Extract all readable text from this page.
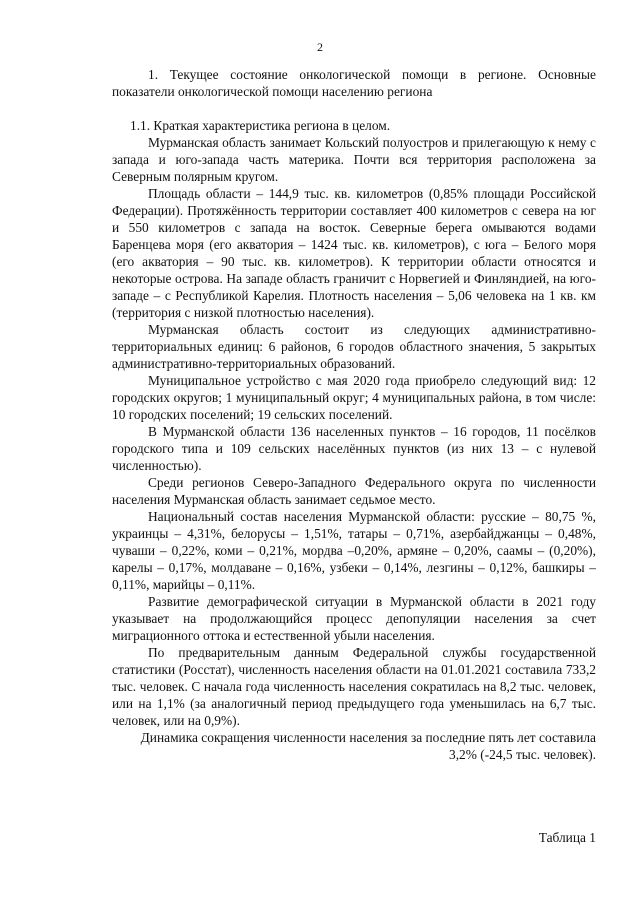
2

1. Текущее состояние онкологической помощи в регионе. Основные показатели онкологической помощи населению региона

1.1. Краткая характеристика региона в целом.

Мурманская область занимает Кольский полуостров и прилегающую к нему с запада и юго-запада часть материка. Почти вся территория расположена за Северным полярным кругом.

Площадь области – 144,9 тыс. кв. километров (0,85% площади Российской Федерации). Протяжённость территории составляет 400 километров с севера на юг и 550 километров с запада на восток. Северные берега омываются водами Баренцева моря (его акватория – 1424 тыс. кв. километров), с юга – Белого моря (его акватория – 90 тыс. кв. километров). К территории области относятся и некоторые острова. На западе область граничит с Норвегией и Финляндией, на юго-западе – с Республикой Карелия. Плотность населения – 5,06 человека на 1 кв. км (территория с низкой плотностью населения).

Мурманская область состоит из следующих административно-территориальных единиц: 6 районов, 6 городов областного значения, 5 закрытых административно-территориальных образований.

Муниципальное устройство с мая 2020 года приобрело следующий вид: 12 городских округов; 1 муниципальный округ; 4 муниципальных района, в том числе: 10 городских поселений; 19 сельских поселений.

В Мурманской области 136 населенных пунктов – 16 городов, 11 посёлков городского типа и 109 сельских населённых пунктов (из них 13 – с нулевой численностью).

Среди регионов Северо-Западного Федерального округа по численности населения Мурманская область занимает седьмое место.

Национальный состав населения Мурманской области: русские – 80,75 %, украинцы – 4,31%, белорусы – 1,51%, татары – 0,71%, азербайджанцы – 0,48%, чуваши – 0,22%, коми – 0,21%, мордва –0,20%, армяне – 0,20%, саамы – (0,20%), карелы – 0,17%, молдаване – 0,16%, узбеки – 0,14%, лезгины – 0,12%, башкиры – 0,11%, марийцы – 0,11%.

Развитие демографической ситуации в Мурманской области в 2021 году указывает на продолжающийся процесс депопуляции населения за счет миграционного оттока и естественной убыли населения.

По предварительным данным Федеральной службы государственной статистики (Росстат), численность населения области на 01.01.2021 составила 733,2 тыс. человек. С начала года численность населения сократилась на 8,2 тыс. человек, или на 1,1% (за аналогичный период предыдущего года уменьшилась на 6,7 тыс. человек, или на 0,9%).

Динамика сокращения численности населения за последние пять лет составила 3,2% (-24,5 тыс. человек).

Таблица 1
